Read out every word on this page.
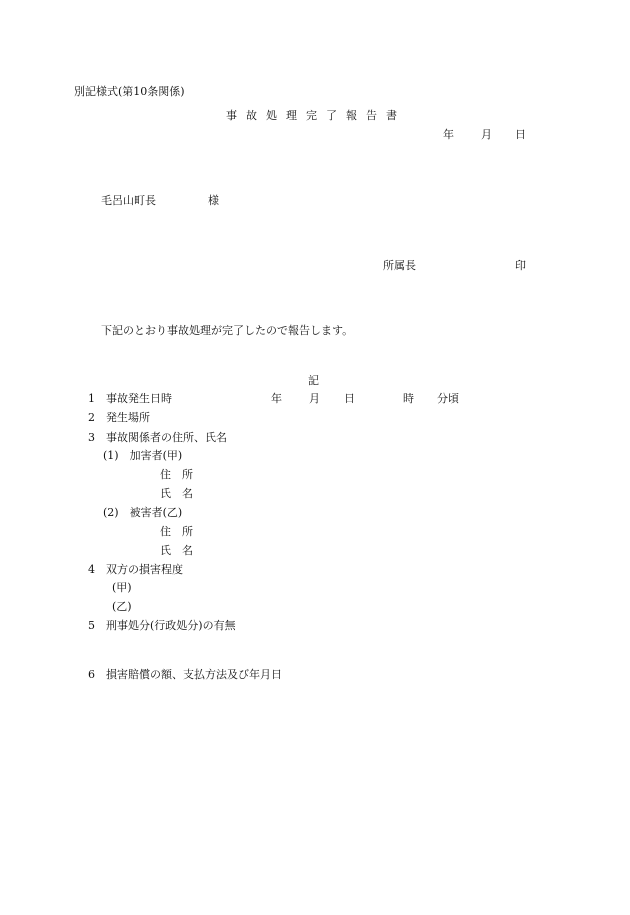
別記様式(第10条関係)
事故処理完了報告書
年 月 日
毛呂山町長	様
所属長	印
下記のとおり事故処理が完了したので報告します。
記
1 事故発生日時	年 月 日	時 分頃
2 発生場所
3 事故関係者の住所、氏名
(1)　加害者(甲)
住　所
氏　名
(2)　被害者(乙)
住　所
氏　名
4 双方の損害程度
(甲)
(乙)
5 刑事処分(行政処分)の有無
6 損害賠償の額、支払方法及び年月日
